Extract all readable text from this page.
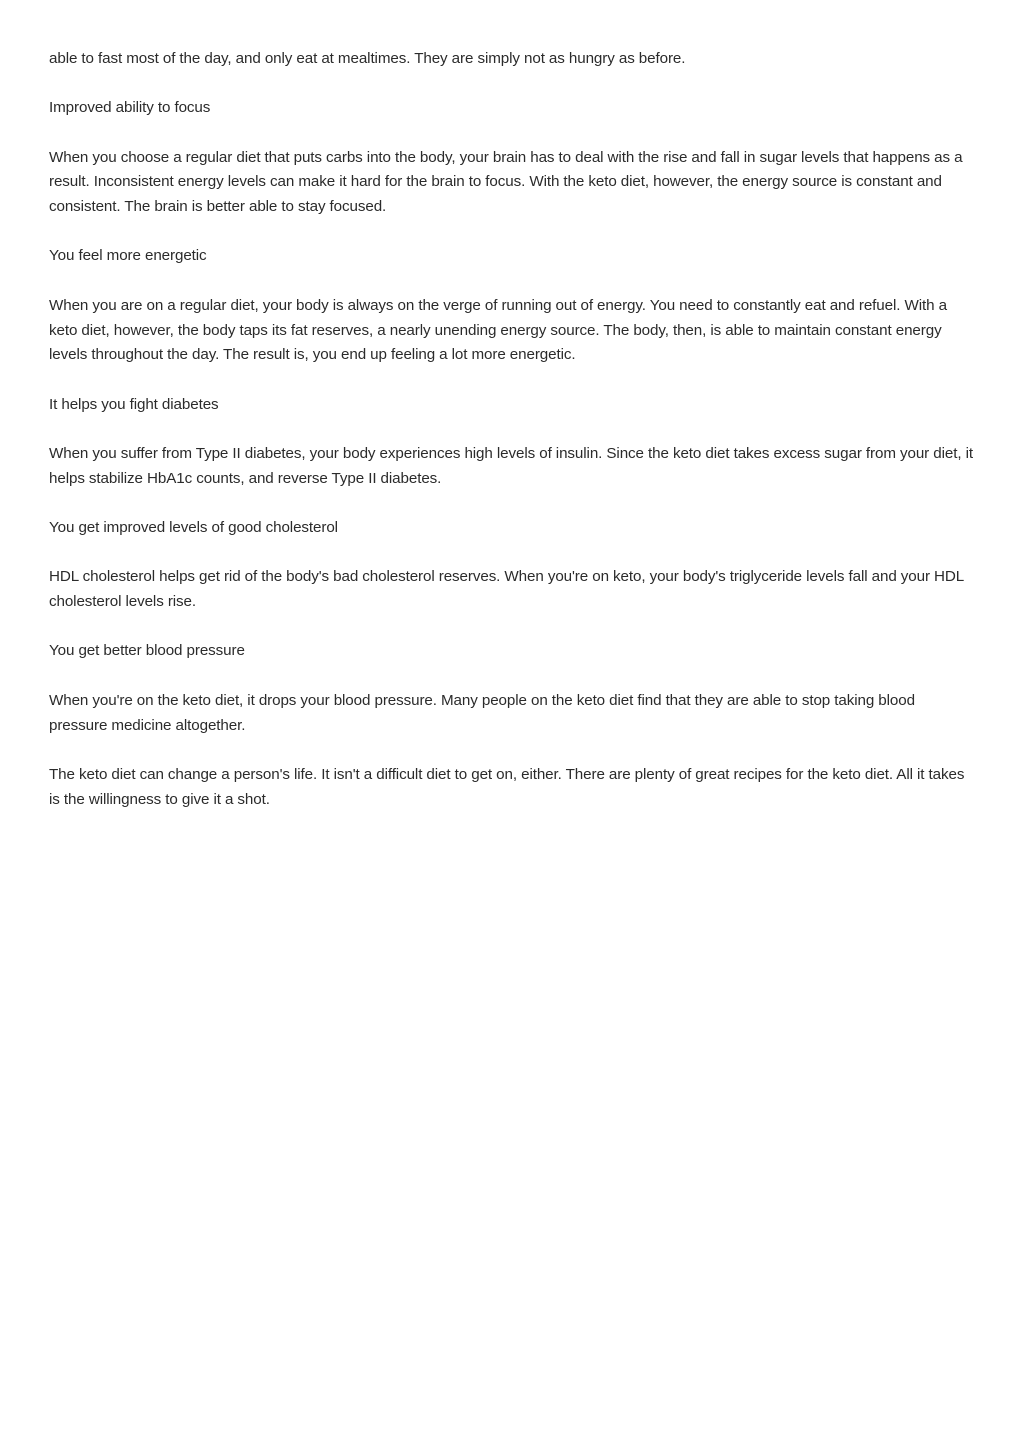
able to fast most of the day, and only eat at mealtimes. They are simply not as hungry as before.

Improved ability to focus

When you choose a regular diet that puts carbs into the body, your brain has to deal with the rise and fall in sugar levels that happens as a result. Inconsistent energy levels can make it hard for the brain to focus. With the keto diet, however, the energy source is constant and consistent. The brain is better able to stay focused.

You feel more energetic

When you are on a regular diet, your body is always on the verge of running out of energy. You need to constantly eat and refuel. With a keto diet, however, the body taps its fat reserves, a nearly unending energy source. The body, then, is able to maintain constant energy levels throughout the day. The result is, you end up feeling a lot more energetic.

It helps you fight diabetes

When you suffer from Type II diabetes, your body experiences high levels of insulin. Since the keto diet takes excess sugar from your diet, it helps stabilize HbA1c counts, and reverse Type II diabetes.

You get improved levels of good cholesterol

HDL cholesterol helps get rid of the body's bad cholesterol reserves. When you're on keto, your body's triglyceride levels fall and your HDL cholesterol levels rise.

You get better blood pressure

When you're on the keto diet, it drops your blood pressure. Many people on the keto diet find that they are able to stop taking blood pressure medicine altogether.

The keto diet can change a person's life. It isn't a difficult diet to get on, either. There are plenty of great recipes for the keto diet. All it takes is the willingness to give it a shot.
